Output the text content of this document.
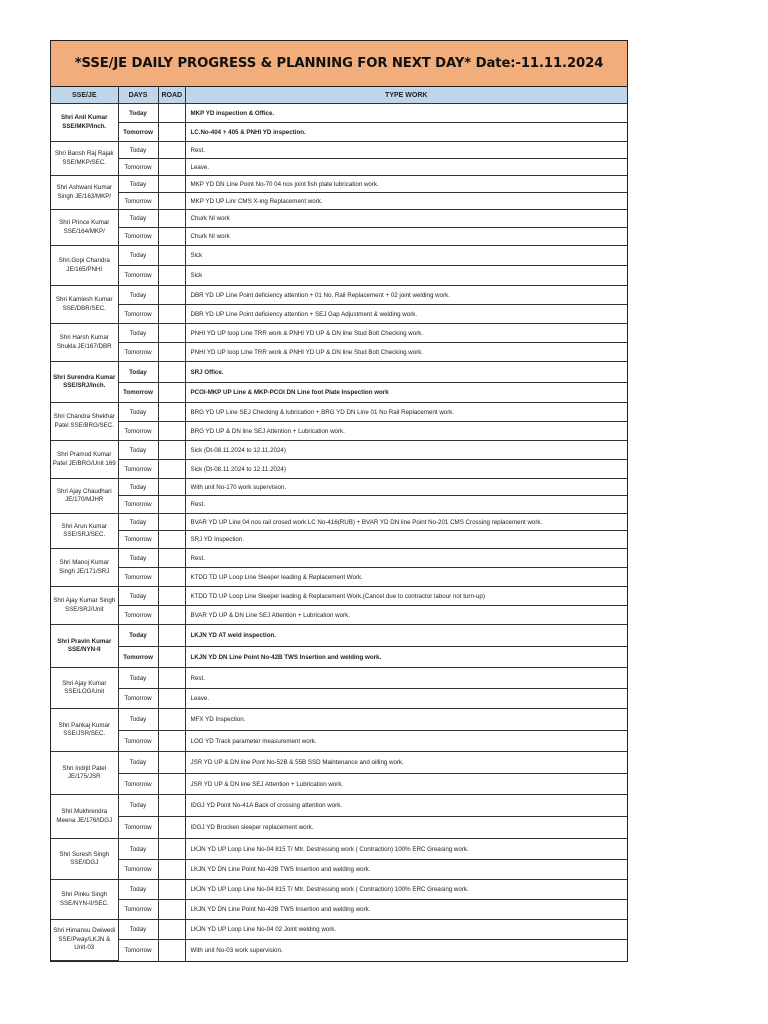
*SSE/JE DAILY PROGRESS & PLANNING FOR NEXT DAY* Date:-11.11.2024
SSE/JE	DAYS	ROAD	TYPE WORK
Shri Anil Kumar SSE/MKP/Inch.	Today		MKP YD inspection & Office.
	Tomorrow		LC.No-404 + 405 & PNHI YD inspection.
Shri Bansh Raj Rajak SSE/MKP/SEC.	Today		Rest.
	Tomorrow		Leave.
Shri Ashwani Kumar Singh JE/163/MKP/	Today		MKP YD DN Line Point No-70 04 nos joint fish plate lubrication work.
	Tomorrow		MKP YD UP Linr CMS X-ing Replacement work.
Shri Prince Kumar SSE/164/MKP/	Today		Churk NI work
	Tomorrow		Churk NI work
Shri.Gopi Chandra JE/165/PNHI	Today		Sick
	Tomorrow		Sick
Shri Kamlesh Kumar SSE/DBR/SEC.	Today		DBR YD UP Line Point deficiency attention + 01 No. Rail Replacement + 02 joint welding work.
	Tomorrow		DBR YD UP Line Point deficiency attention + SEJ Gap Adjustment & welding work.
Shri Harsh Kumar Shukla JE/167/DBR	Today		PNHI YD UP loop Line TRR work & PNHI YD UP & DN line Stud Bolt Checking work.
	Tomorrow		PNHI YD UP loop Line TRR work & PNHI YD UP & DN line Stud Bolt Checking work.
Shri Surendra Kumar SSE/SRJ/Inch.	Today		SRJ Office.
	Tomorrow		PCOI-MKP UP Line & MKP-PCOI DN Line foot Plate Inspection work
Shri Chandra Shekhar Patel SSE/BRG/SEC.	Today		BRG YD UP Line SEJ Checking & lubrication + BRG YD DN Line 01 No Rail Replacement work.
	Tomorrow		BRG YD UP & DN line SEJ Attention + Lubrication work.
Shri Pramod Kumar Patel JE/BRG/Unit 169	Today		Sick (Dt-08.11.2024 to 12.11.2024)
	Tomorrow		Sick (Dt-08.11.2024 to 12.11.2024)
Shri Ajay Chaudhari JE/170/MJHR	Today		With unit No-170 work supervision.
	Tomorrow		Rest.
Shri Arun Kumar SSE/SRJ/SEC.	Today		BVAR YD UP Line 04 nos rail crosed work LC No-416(RUB) + BVAR YD DN line Point No-201 CMS Crossing replacement work.
	Tomorrow		SRJ YD Inspection.
Shri Manoj Kumar Singh JE/171/SRJ	Today		Rest.
	Tomorrow		KTDD TD UP Loop Line Sleeper leading & Replacement Work.
Shri Ajay Kumar Singh SSE/SRJ/Unit	Today		KTDD TD UP Loop Line Sleeper leading & Replacement Work.(Cancel due to contractor labour not turn-up)
	Tomorrow		BVAR YD UP & DN Line SEJ Attention + Lubrication work.
Shri Pravin Kumar SSE/NYN-II	Today		LKJN YD AT weld inspection.
	Tomorrow		LKJN YD DN Line Point No-42B TWS Insertion and welding work.
Shri Ajay Kumar SSE/LOG/Unit	Today		Rest.
	Tomorrow		Leave.
Shri Pankaj Kumar SSE/JSR/SEC.	Today		MFX YD Inspection.
	Tomorrow		LOG YD Track parameter measurement work.
Shri Indrjit Patel JE/175/JSR	Today		JSR YD UP & DN line Pont No-52B & 55B SSD Maintenance and oilling work.
	Tomorrow		JSR YD UP & DN line SEJ Attention + Lubrication work.
Shri.Mukhrendra Meena JE/176/IDGJ	Today		IDGJ YD Point No-41A Back of crossing attention work.
	Tomorrow		IDGJ YD Brocken sleeper replacement work.
Shri Suresh Singh SSE/IDGJ	Today		LKJN YD UP Loop Line No-04 815 T/ Mtr. Destressing work ( Contraction) 100% ERC Greasing work.
	Tomorrow		LKJN YD DN Line Point No-42B TWS Insertion and welding work.
Shri Pinku Singh SSE/NYN-II/SEC.	Today		LKJN YD UP Loop Line No-04 815 T/ Mtr. Destressing work ( Contraction) 100% ERC Greasing work.
	Tomorrow		LKJN YD DN Line Point No-42B TWS Insertion and welding work.
Shri Himansu Dwiwedi SSE/Pway/LKJN & Unit-03	Today		LKJN YD UP Loop Line No-04 02 Joint welding work.
	Tomorrow		With unit No-03 work supervision.
